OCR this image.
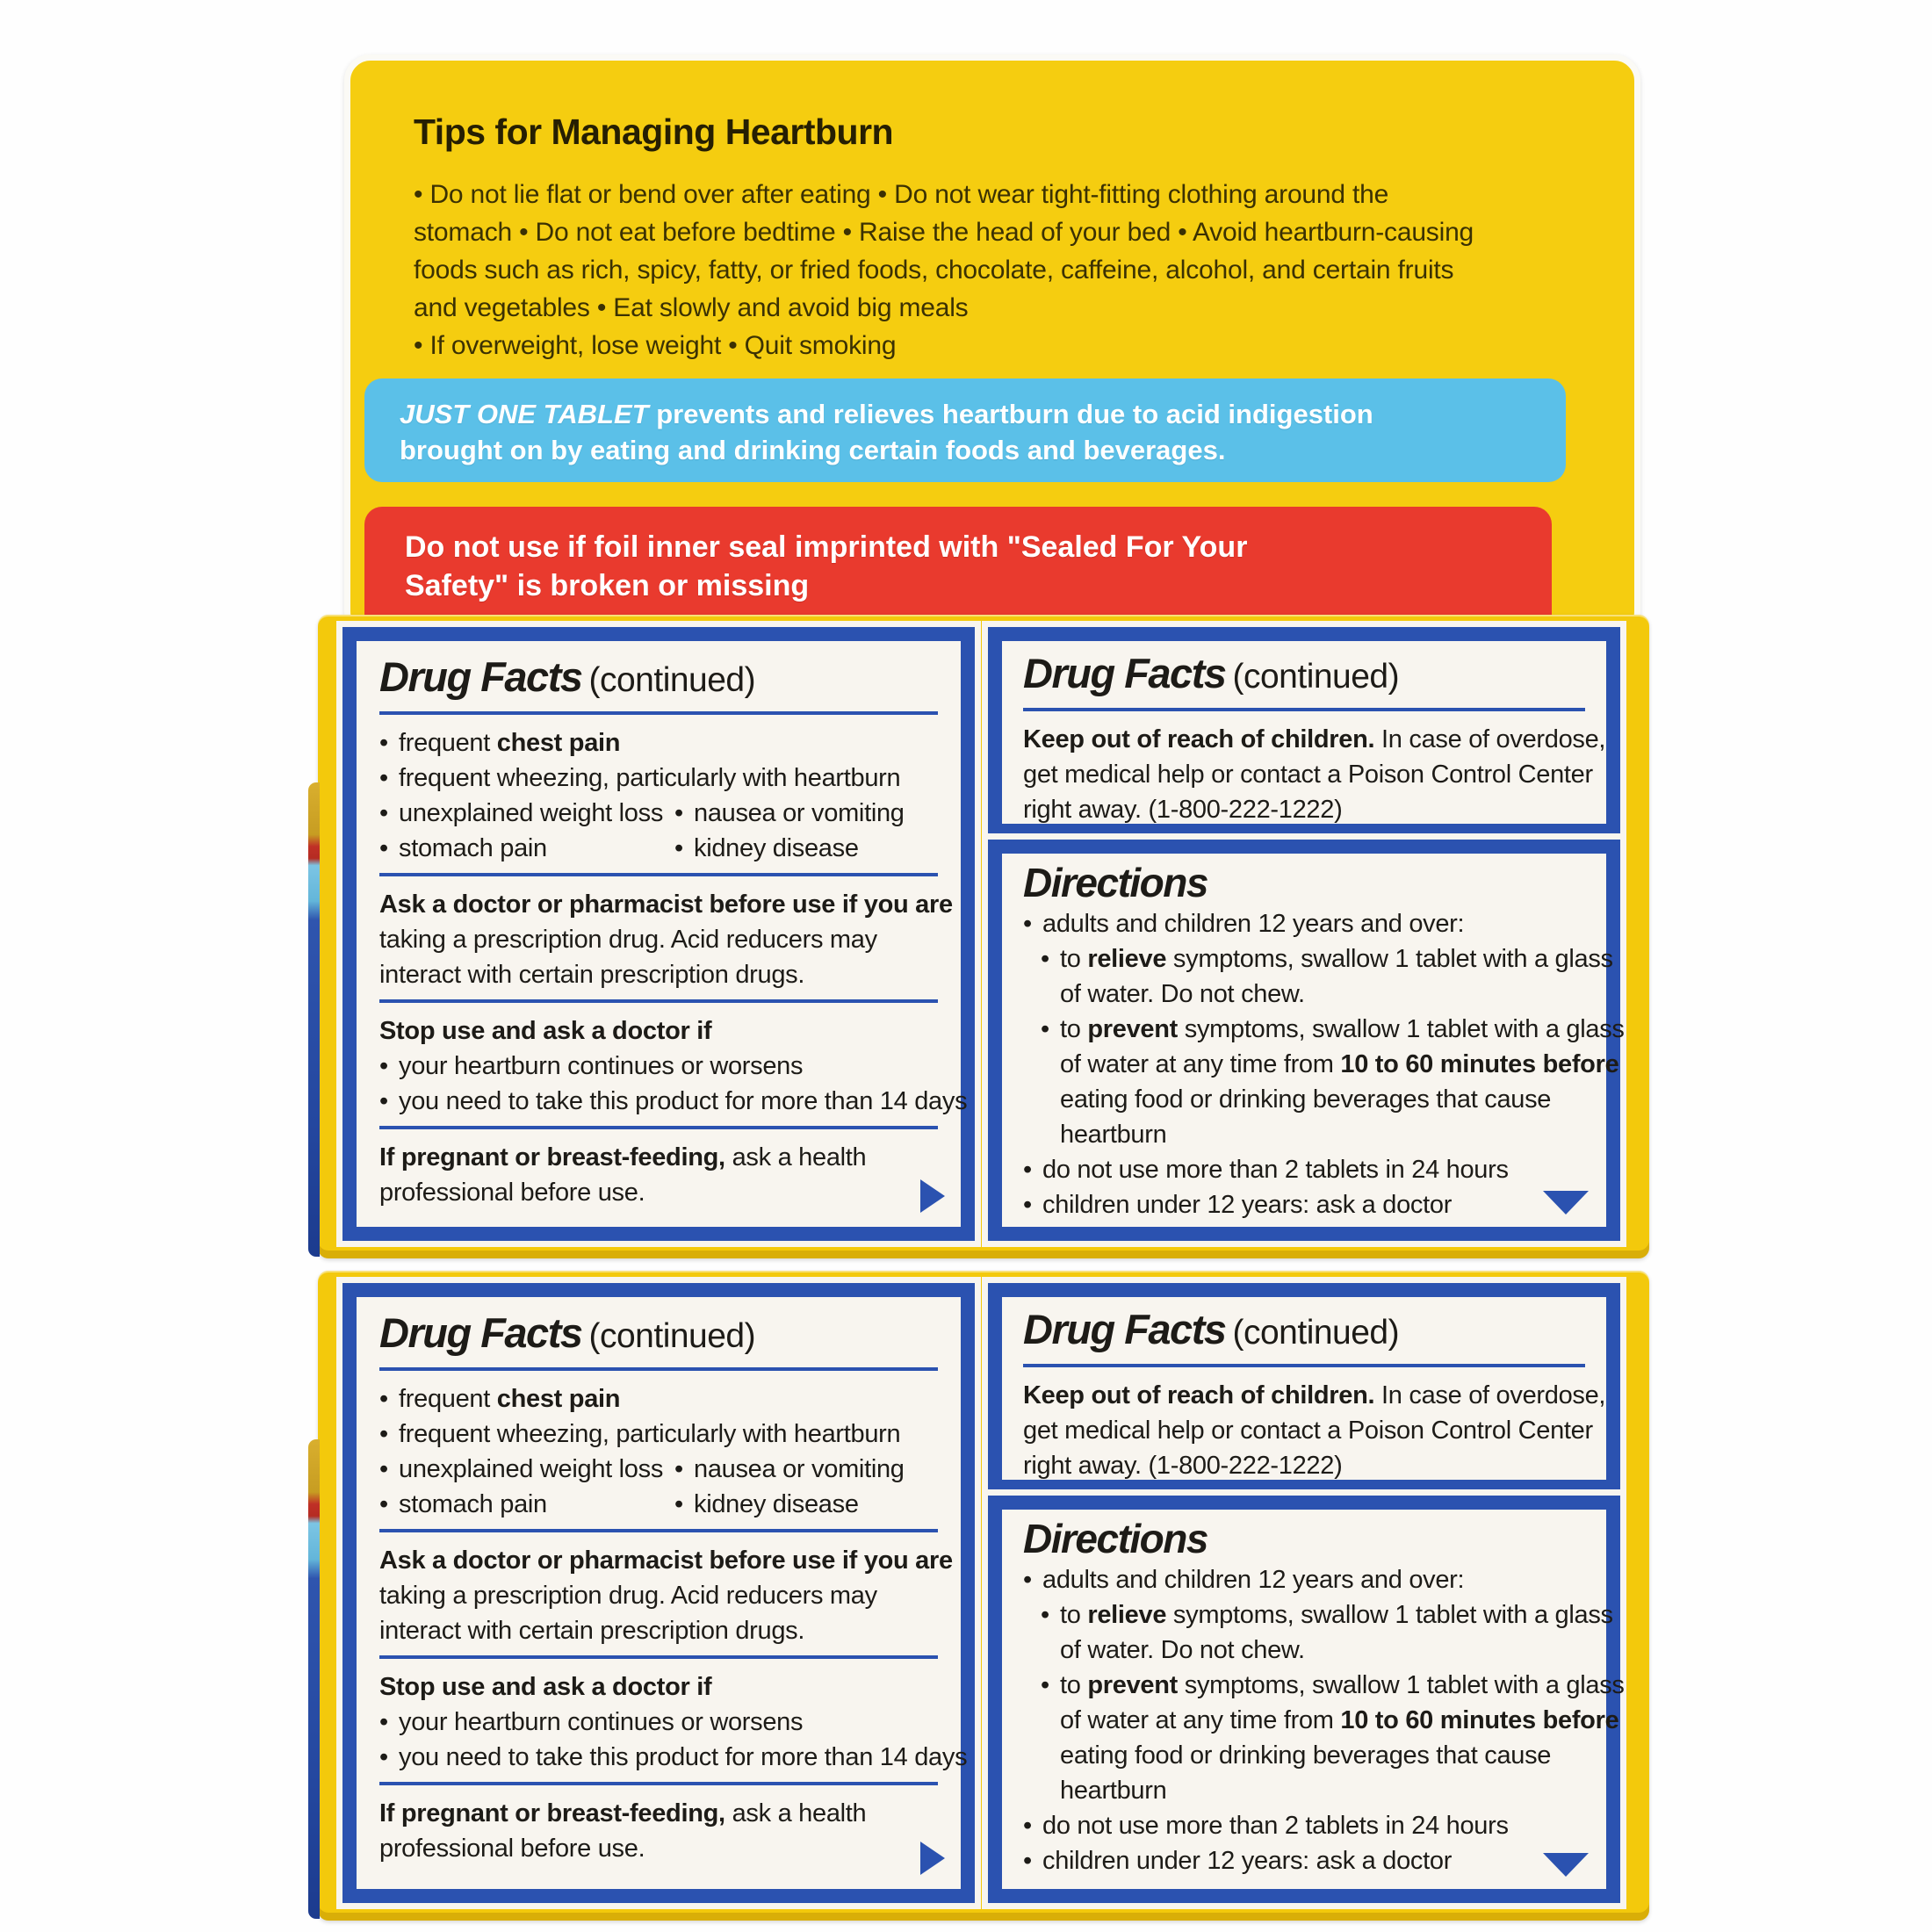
Tips for Managing Heartburn
• Do not lie flat or bend over after eating • Do not wear tight-fitting clothing around the
stomach • Do not eat before bedtime • Raise the head of your bed • Avoid heartburn-causing
foods such as rich, spicy, fatty, or fried foods, chocolate, caffeine, alcohol, and certain fruits
and vegetables • Eat slowly and avoid big meals
• If overweight, lose weight • Quit smoking
JUST ONE TABLET prevents and relieves heartburn due to acid indigestion
brought on by eating and drinking certain foods and beverages.
Do not use if foil inner seal imprinted with "Sealed For Your
Safety" is broken or missing
Drug Facts (continued)
• frequent chest pain
• frequent wheezing, particularly with heartburn
• unexplained weight loss • nausea or vomiting
• stomach pain	• kidney disease
Ask a doctor or pharmacist before use if you are
taking a prescription drug. Acid reducers may
interact with certain prescription drugs.
Stop use and ask a doctor if
• your heartburn continues or worsens
• you need to take this product for more than 14 days
If pregnant or breast-feeding, ask a health
professional before use.
Drug Facts (continued)
Keep out of reach of children. In case of overdose,
get medical help or contact a Poison Control Center
right away. (1-800-222-1222)
Directions
• adults and children 12 years and over:
• to relieve symptoms, swallow 1 tablet with a glass
of water. Do not chew.
• to prevent symptoms, swallow 1 tablet with a glass
of water at any time from 10 to 60 minutes before
eating food or drinking beverages that cause
heartburn
• do not use more than 2 tablets in 24 hours
• children under 12 years: ask a doctor
Drug Facts (continued)
• frequent chest pain
• frequent wheezing, particularly with heartburn
• unexplained weight loss • nausea or vomiting
• stomach pain	• kidney disease
Ask a doctor or pharmacist before use if you are
taking a prescription drug. Acid reducers may
interact with certain prescription drugs.
Stop use and ask a doctor if
• your heartburn continues or worsens
• you need to take this product for more than 14 days
If pregnant or breast-feeding, ask a health
professional before use.
Drug Facts (continued)
Keep out of reach of children. In case of overdose,
get medical help or contact a Poison Control Center
right away. (1-800-222-1222)
Directions
• adults and children 12 years and over:
• to relieve symptoms, swallow 1 tablet with a glass
of water. Do not chew.
• to prevent symptoms, swallow 1 tablet with a glass
of water at any time from 10 to 60 minutes before
eating food or drinking beverages that cause
heartburn
• do not use more than 2 tablets in 24 hours
• children under 12 years: ask a doctor
